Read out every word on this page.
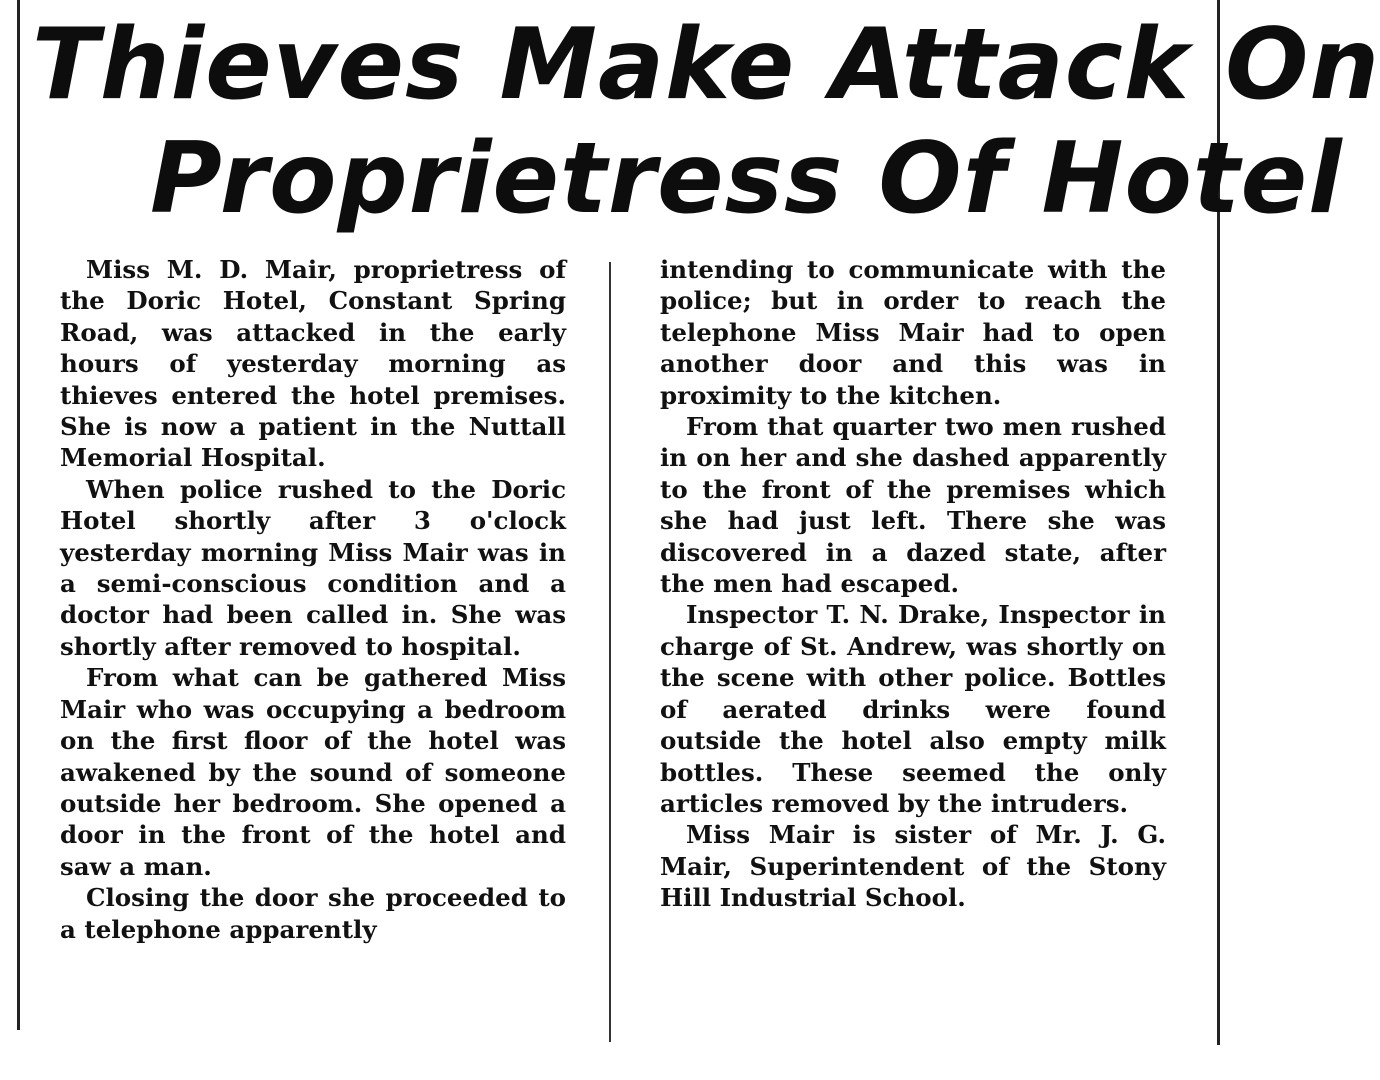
Thieves Make Attack On
Proprietress Of Hotel

Miss M. D. Mair, proprietress of the Doric Hotel, Constant Spring Road, was attacked in the early hours of yesterday morning as thieves entered the hotel premises. She is now a patient in the Nuttall Memorial Hospital.

When police rushed to the Doric Hotel shortly after 3 o'clock yesterday morning Miss Mair was in a semi-conscious condition and a doctor had been called in. She was shortly after removed to hospital.

From what can be gathered Miss Mair who was occupying a bedroom on the first floor of the hotel was awakened by the sound of someone outside her bedroom. She opened a door in the front of the hotel and saw a man.

Closing the door she proceeded to a telephone apparently

intending to communicate with the police; but in order to reach the telephone Miss Mair had to open another door and this was in proximity to the kitchen.

From that quarter two men rushed in on her and she dashed apparently to the front of the premises which she had just left. There she was discovered in a dazed state, after the men had escaped.

Inspector T. N. Drake, Inspector in charge of St. Andrew, was shortly on the scene with other police. Bottles of aerated drinks were found outside the hotel also empty milk bottles. These seemed the only articles removed by the intruders.

Miss Mair is sister of Mr. J. G. Mair, Superintendent of the Stony Hill Industrial School.
